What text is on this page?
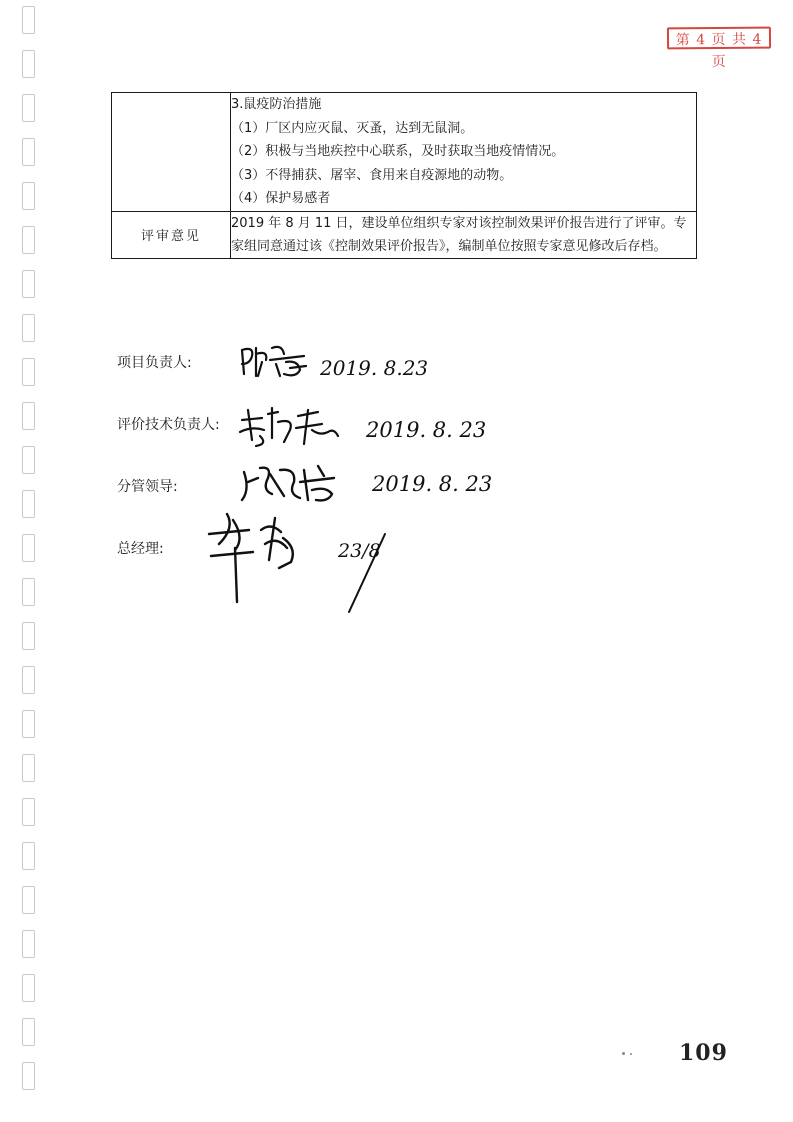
第 4 页 共 4 页

	3.鼠疫防治措施
（1）厂区内应灭鼠、灭蚤，达到无鼠洞。
（2）积极与当地疾控中心联系，及时获取当地疫情情况。
（3）不得捕获、屠宰、食用来自疫源地的动物。
（4）保护易感者

评审意见	2019 年 8 月 11 日，建设单位组织专家对该控制效果评价报告进行了评审。专家组同意通过该《控制效果评价报告》，编制单位按照专家意见修改后存档。
项目负责人:	2019. 8.23
评价技术负责人:	2019. 8. 23
分管领导:	2019. 8. 23
总经理:	23/8
109
